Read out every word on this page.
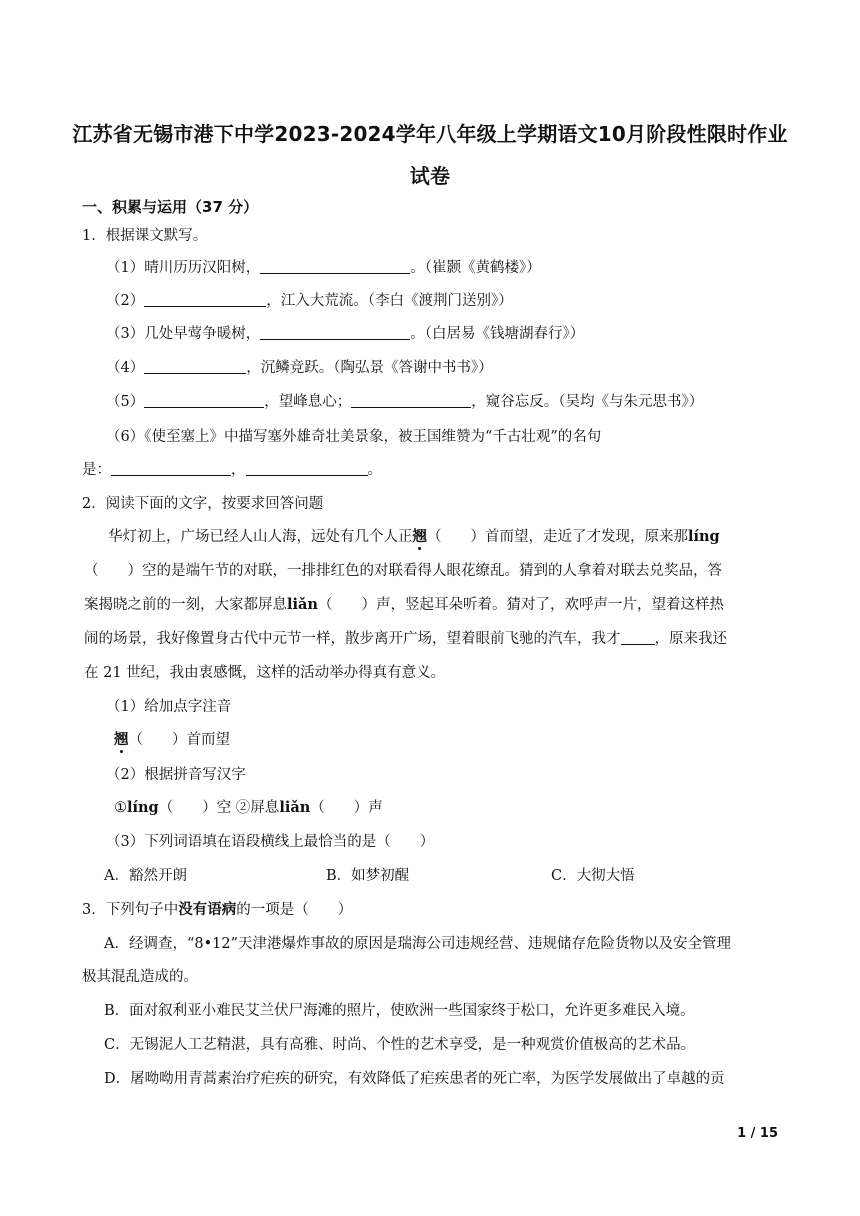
江苏省无锡市港下中学2023-2024学年八年级上学期语文10月阶段性限时作业
试卷
一、积累与运用（37 分）
1．根据课文默写。
（1）晴川历历汉阳树，	。（崔颢《黄鹤楼》）
（2）	，江入大荒流。（李白《渡荆门送别》）
（3）几处早莺争暖树，	。（白居易《钱塘湖春行》）
（4）	，沉鳞竞跃。（陶弘景《答谢中书书》）
（5）	，望峰息心；	，窥谷忘反。（吴均《与朱元思书》）
（6）《使至塞上》中描写塞外雄奇壮美景象，被王国维赞为“千古壮观”的名句
是：	，	。
2．阅读下面的文字，按要求回答问题
华灯初上，广场已经人山人海，远处有几个人正翘（　　）首而望，走近了才发现，原来那líng
（　　）空的是端午节的对联，一排排红色的对联看得人眼花缭乱。猜到的人拿着对联去兑奖品，答
案揭晓之前的一刻，大家都屏息liǎn（　　）声，竖起耳朵听着。猜对了，欢呼声一片，望着这样热
闹的场景，我好像置身古代中元节一样，散步离开广场，望着眼前飞驰的汽车，我才 ，原来我还
在 21 世纪，我由衷感慨，这样的活动举办得真有意义。
（1）给加点字注音
翘（　　）首而望
（2）根据拼音写汉字
①líng（　　）空 ②屏息liǎn（　　）声
（3）下列词语填在语段横线上最恰当的是（　　）
A．豁然开朗	B．如梦初醒	C．大彻大悟
3．下列句子中没有语病的一项是（　　）
A．经调查，“8•12”天津港爆炸事故的原因是瑞海公司违规经营、违规储存危险货物以及安全管理
极其混乱造成的。
B．面对叙利亚小难民艾兰伏尸海滩的照片，使欧洲一些国家终于松口，允许更多难民入境。
C．无锡泥人工艺精湛，具有高雅、时尚、个性的艺术享受，是一种观赏价值极高的艺术品。
D．屠呦呦用青蒿素治疗疟疾的研究，有效降低了疟疾患者的死亡率，为医学发展做出了卓越的贡
1 / 15
